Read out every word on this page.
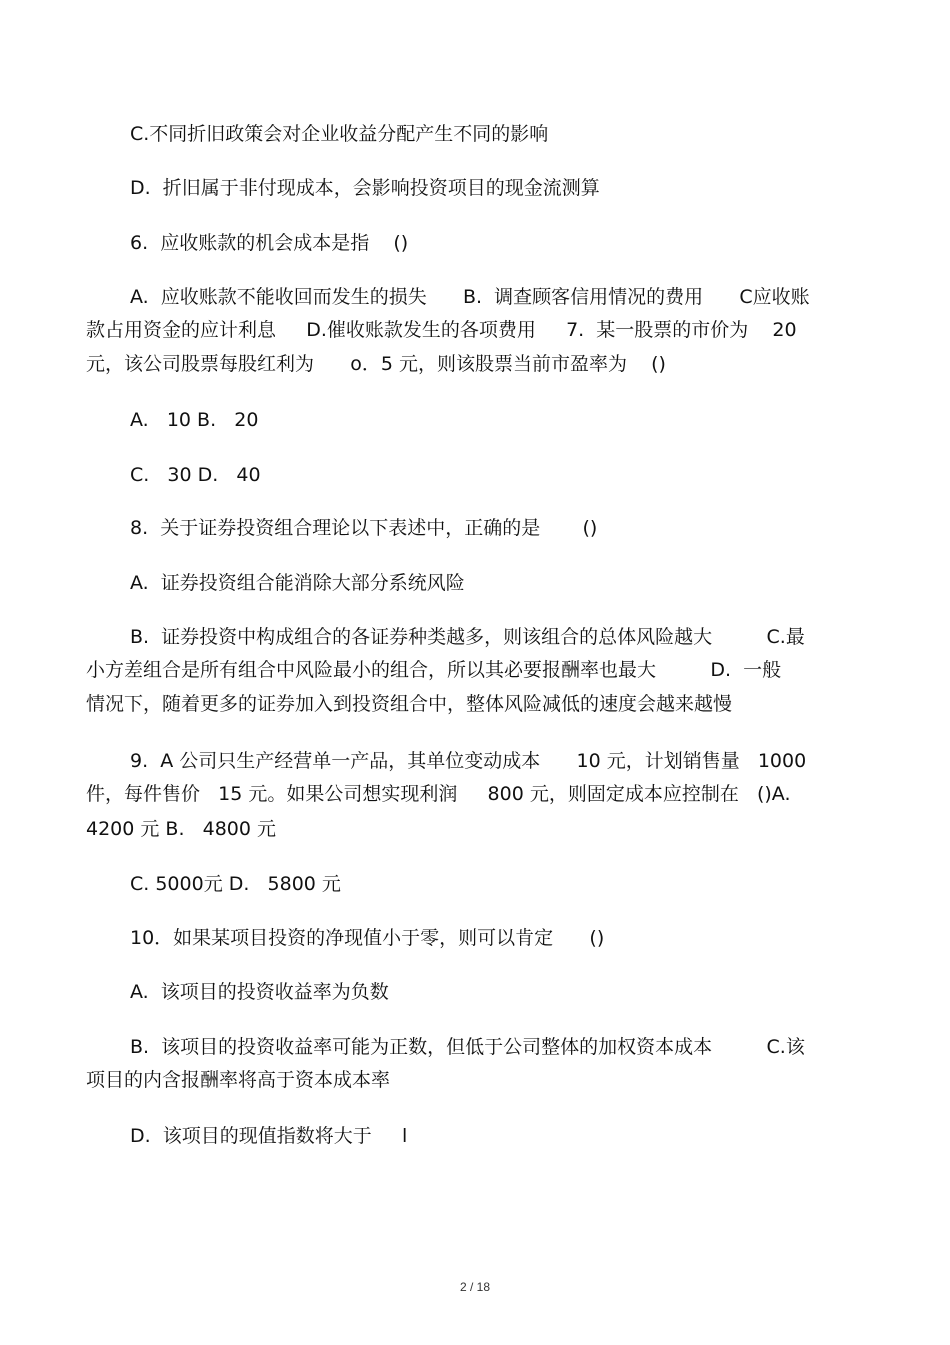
C.不同折旧政策会对企业收益分配产生不同的影响
D.  折旧属于非付现成本，会影响投资项目的现金流测算
6.  应收账款的机会成本是指    ()
A.  应收账款不能收回而发生的损失      B.  调查顾客信用情况的费用      C应收账
款占用资金的应计利息     D.催收账款发生的各项费用     7.  某一股票的市价为    20
元，该公司股票每股红利为      o．5 元，则该股票当前市盈率为    ()
A.   10 B.   20
C.   30 D.   40
8.  关于证券投资组合理论以下表述中，正确的是       ()
A.  证券投资组合能消除大部分系统风险
B.  证券投资中构成组合的各证券种类越多，则该组合的总体风险越大         C.最
小方差组合是所有组合中风险最小的组合，所以其必要报酬率也最大         D.  一般
情况下，随着更多的证券加入到投资组合中，整体风险减低的速度会越来越慢
9.  A 公司只生产经营单一产品，其单位变动成本      10 元，计划销售量   1000
件，每件售价   15 元。如果公司想实现利润     800 元，则固定成本应控制在   ()A.
4200 元 B.   4800 元
C. 5000元 D.   5800 元
10．如果某项目投资的净现值小于零，则可以肯定      ()
A.  该项目的投资收益率为负数
B.  该项目的投资收益率可能为正数，但低于公司整体的加权资本成本         C.该
项目的内含报酬率将高于资本成本率
D.  该项目的现值指数将大于     l
2 / 18
